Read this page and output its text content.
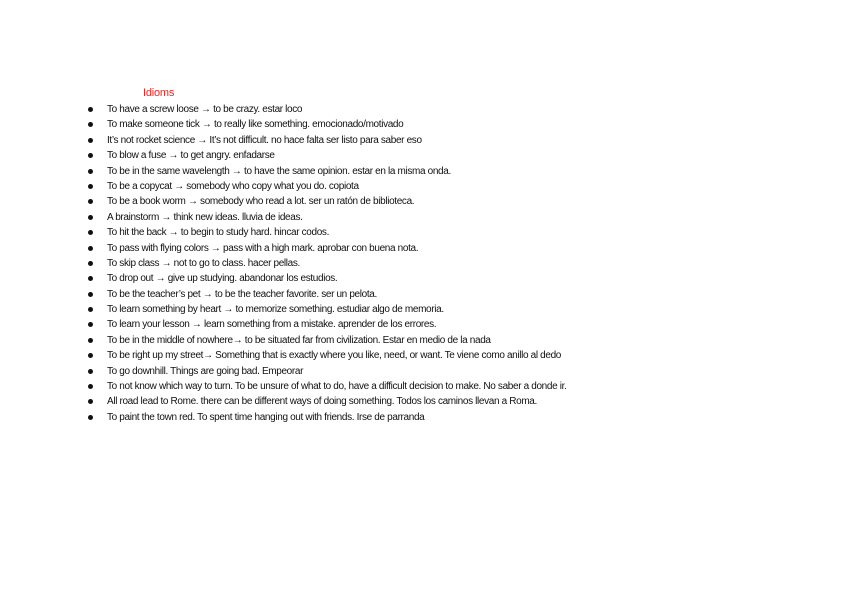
Idioms
To have a screw loose → to be crazy. estar loco
To make someone tick → to really like something. emocionado/motivado
It’s not rocket science → It’s not difficult. no hace falta ser listo para saber eso
To blow a fuse → to get angry. enfadarse
To be in the same wavelength → to have the same opinion. estar en la misma onda.
To be a copycat → somebody who copy what you do. copiota
To be a book worm → somebody who read a lot. ser un ratón de biblioteca.
A brainstorm → think new ideas. lluvia de ideas.
To hit the back → to begin to study hard. hincar codos.
To pass with flying colors → pass with a high mark. aprobar con buena nota.
To skip class → not to go to class. hacer pellas.
To drop out → give up studying. abandonar los estudios.
To be the teacher’s pet → to be the teacher favorite. ser un pelota.
To learn something by heart → to memorize something. estudiar algo de memoria.
To learn your lesson → learn something from a mistake. aprender de los errores.
To be in the middle of nowhere→ to be situated far from civilization. Estar en medio de la nada
To be right up my street→ Something that is exactly where you like, need, or want. Te viene como anillo al dedo
To go downhill. Things are going bad. Empeorar
To not know which way to turn. To be unsure of what to do, have a difficult decision to make. No saber a donde ir.
All road lead to Rome. there can be different ways of doing something. Todos los caminos llevan a Roma.
To paint the town red. To spent time hanging out with friends. Irse de parranda
